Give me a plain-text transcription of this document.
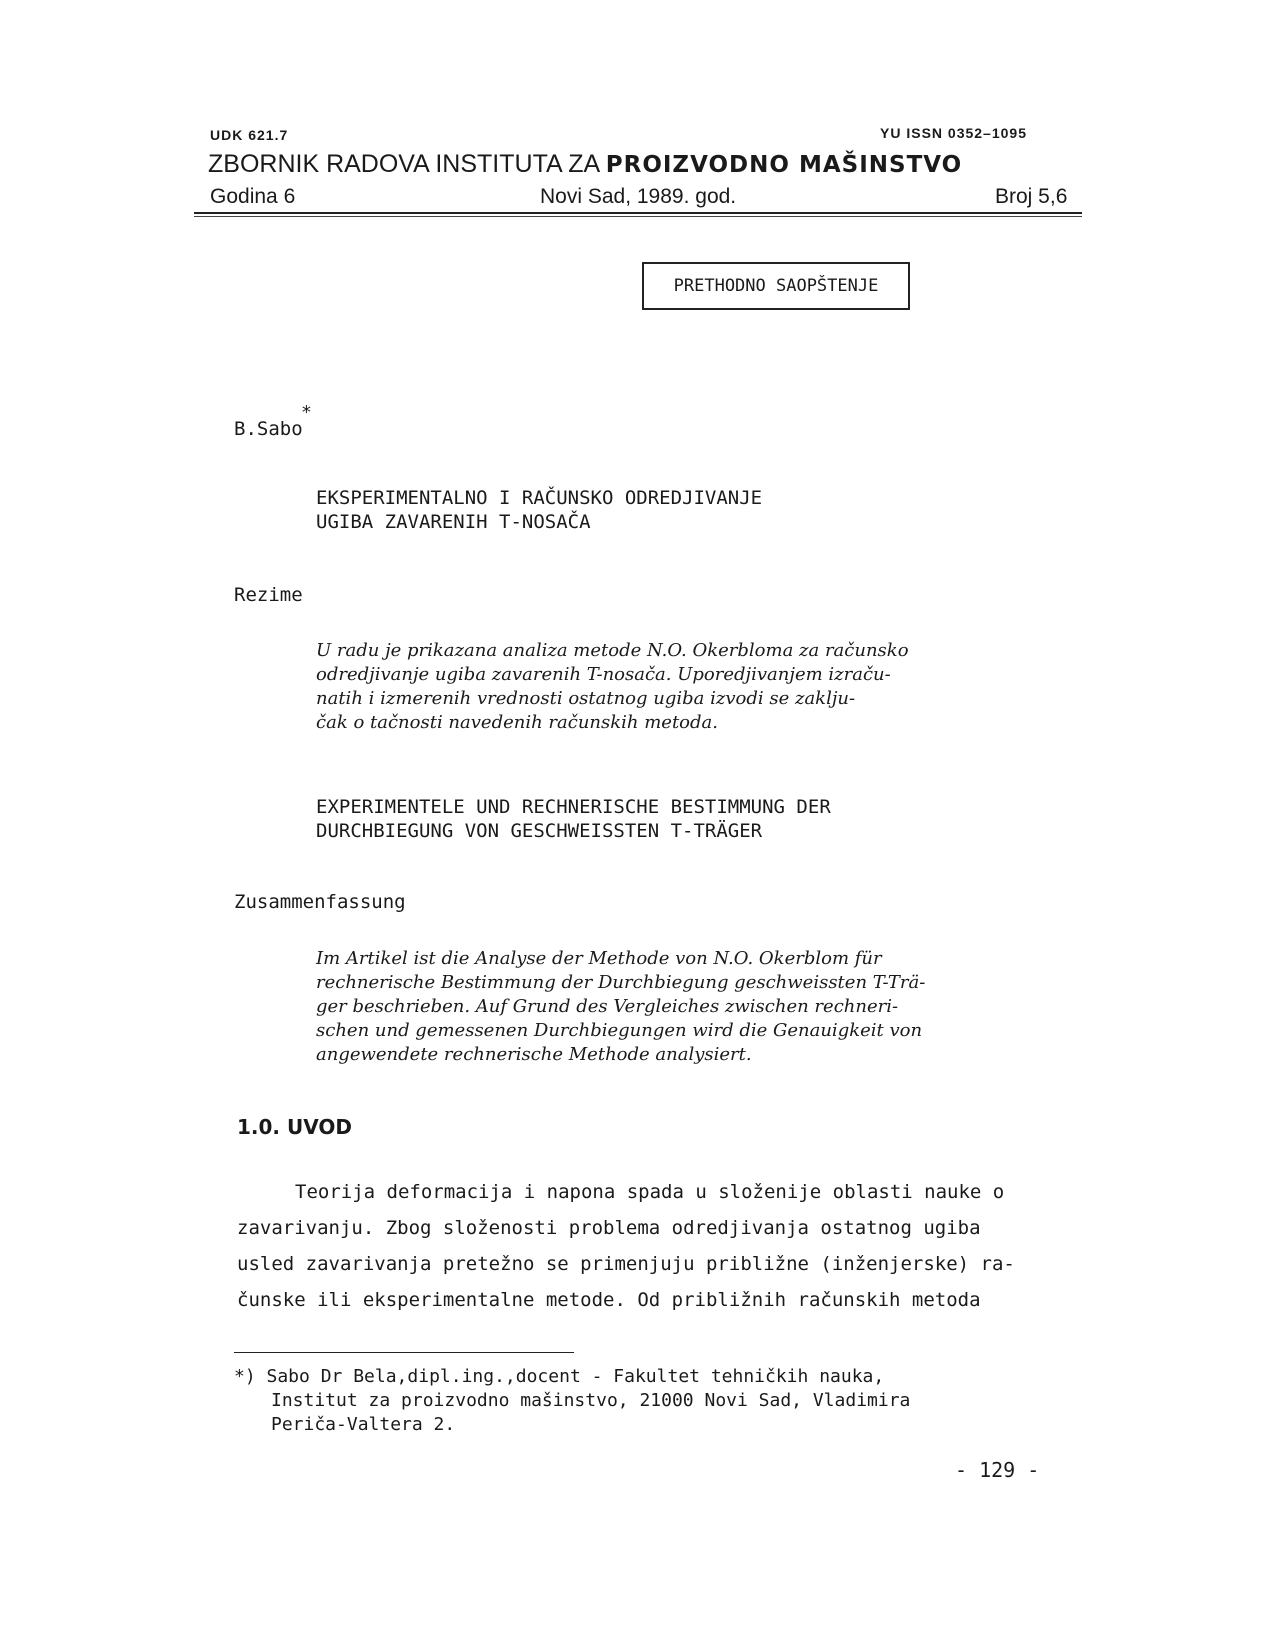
UDK 621.7	YU ISSN 0352–1095
ZBORNIK RADOVA INSTITUTA ZA PROIZVODNO MAŠINSTVO
Godina 6	Novi Sad, 1989. god.	Broj 5,6
PRETHODNO SAOPŠTENJE
B.Sabo
*
EKSPERIMENTALNO I RAČUNSKO ODREDJIVANJE
UGIBA ZAVARENIH T-NOSAČA
Rezime
U radu je prikazana analiza metode N.O. Okerbloma za računsko
odredjivanje ugiba zavarenih T-nosača. Uporedjivanjem izraču-
natih i izmerenih vrednosti ostatnog ugiba izvodi se zaklju-
čak o tačnosti navedenih računskih metoda.
EXPERIMENTELE UND RECHNERISCHE BESTIMMUNG DER
DURCHBIEGUNG VON GESCHWEISSTEN T-TRÄGER
Zusammenfassung
Im Artikel ist die Analyse der Methode von N.O. Okerblom für
rechnerische Bestimmung der Durchbiegung geschweissten T-Trä-
ger beschrieben. Auf Grund des Vergleiches zwischen rechneri-
schen und gemessenen Durchbiegungen wird die Genauigkeit von
angewendete rechnerische Methode analysiert.
1.0. UVOD
Teorija deformacija i napona spada u složenije oblasti nauke o
zavarivanju. Zbog složenosti problema odredjivanja ostatnog ugiba
usled zavarivanja pretežno se primenjuju približne (inženjerske) ra-
čunske ili eksperimentalne metode. Od približnih računskih metoda
*) Sabo Dr Bela,dipl.ing.,docent - Fakultet tehničkih nauka,
Institut za proizvodno mašinstvo, 21000 Novi Sad, Vladimira
Periča-Valtera 2.
- 129 -
